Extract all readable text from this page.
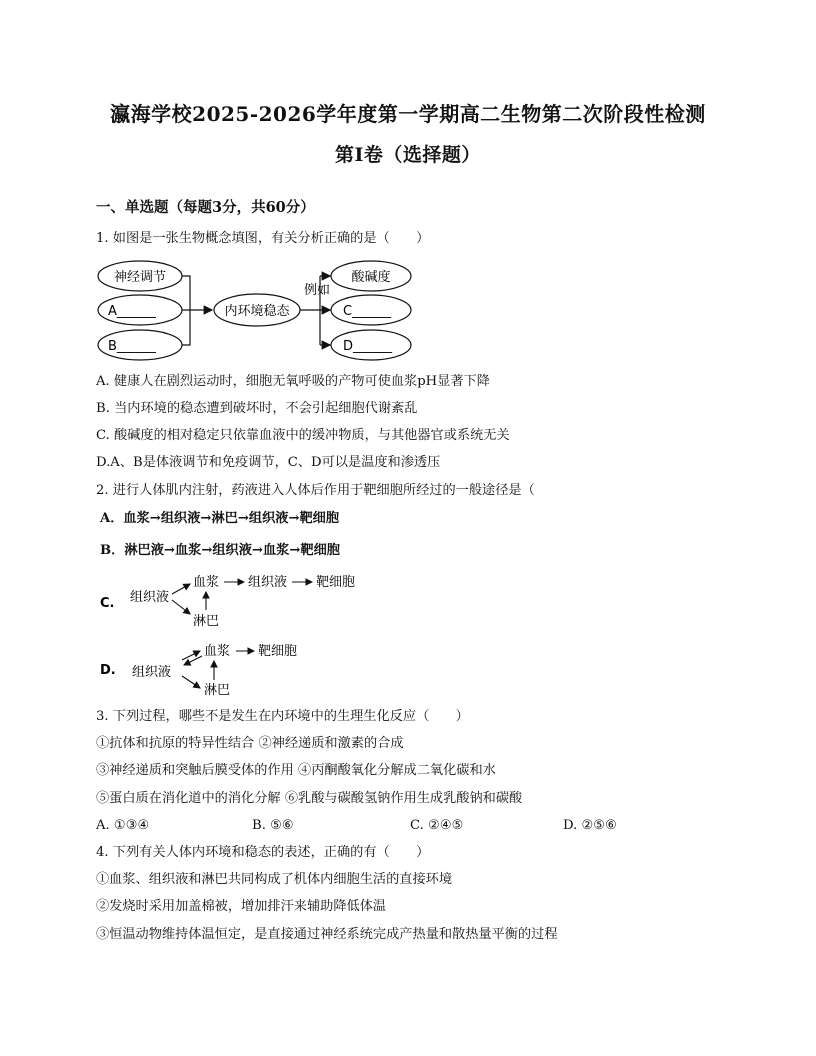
瀛海学校2025-2026学年度第一学期高二生物第二次阶段性检测
第Ⅰ卷（选择题）
一、单选题（每题3分，共60分）
1. 如图是一张生物概念填图，有关分析正确的是（　　）
神经调节
A______
B______
内环境稳态
例如
酸碱度
C______
D______
A. 健康人在剧烈运动时，细胞无氧呼吸的产物可使血浆pH显著下降
B. 当内环境的稳态遭到破坏时，不会引起细胞代谢紊乱
C. 酸碱度的相对稳定只依靠血液中的缓冲物质，与其他器官或系统无关
D.A、B是体液调节和免疫调节，C、D可以是温度和渗透压
2. 进行人体肌内注射，药液进入人体后作用于靶细胞所经过的一般途径是（
A．血浆→组织液→淋巴→组织液→靶细胞
B．淋巴液→血浆→组织液→血浆→靶细胞
C. 组织液
血浆 组织液 靶细胞
淋巴
D. 组织液
血浆 靶细胞
淋巴
3. 下列过程，哪些不是发生在内环境中的生理生化反应（　　）
①抗体和抗原的特异性结合 ②神经递质和激素的合成
③神经递质和突触后膜受体的作用 ④丙酮酸氧化分解成二氧化碳和水
⑤蛋白质在消化道中的消化分解 ⑥乳酸与碳酸氢钠作用生成乳酸钠和碳酸
A. ①③④	B. ⑤⑥	C. ②④⑤	D. ②⑤⑥
4. 下列有关人体内环境和稳态的表述，正确的有（　　）
①血浆、组织液和淋巴共同构成了机体内细胞生活的直接环境
②发烧时采用加盖棉被，增加排汗来辅助降低体温
③恒温动物维持体温恒定，是直接通过神经系统完成产热量和散热量平衡的过程
